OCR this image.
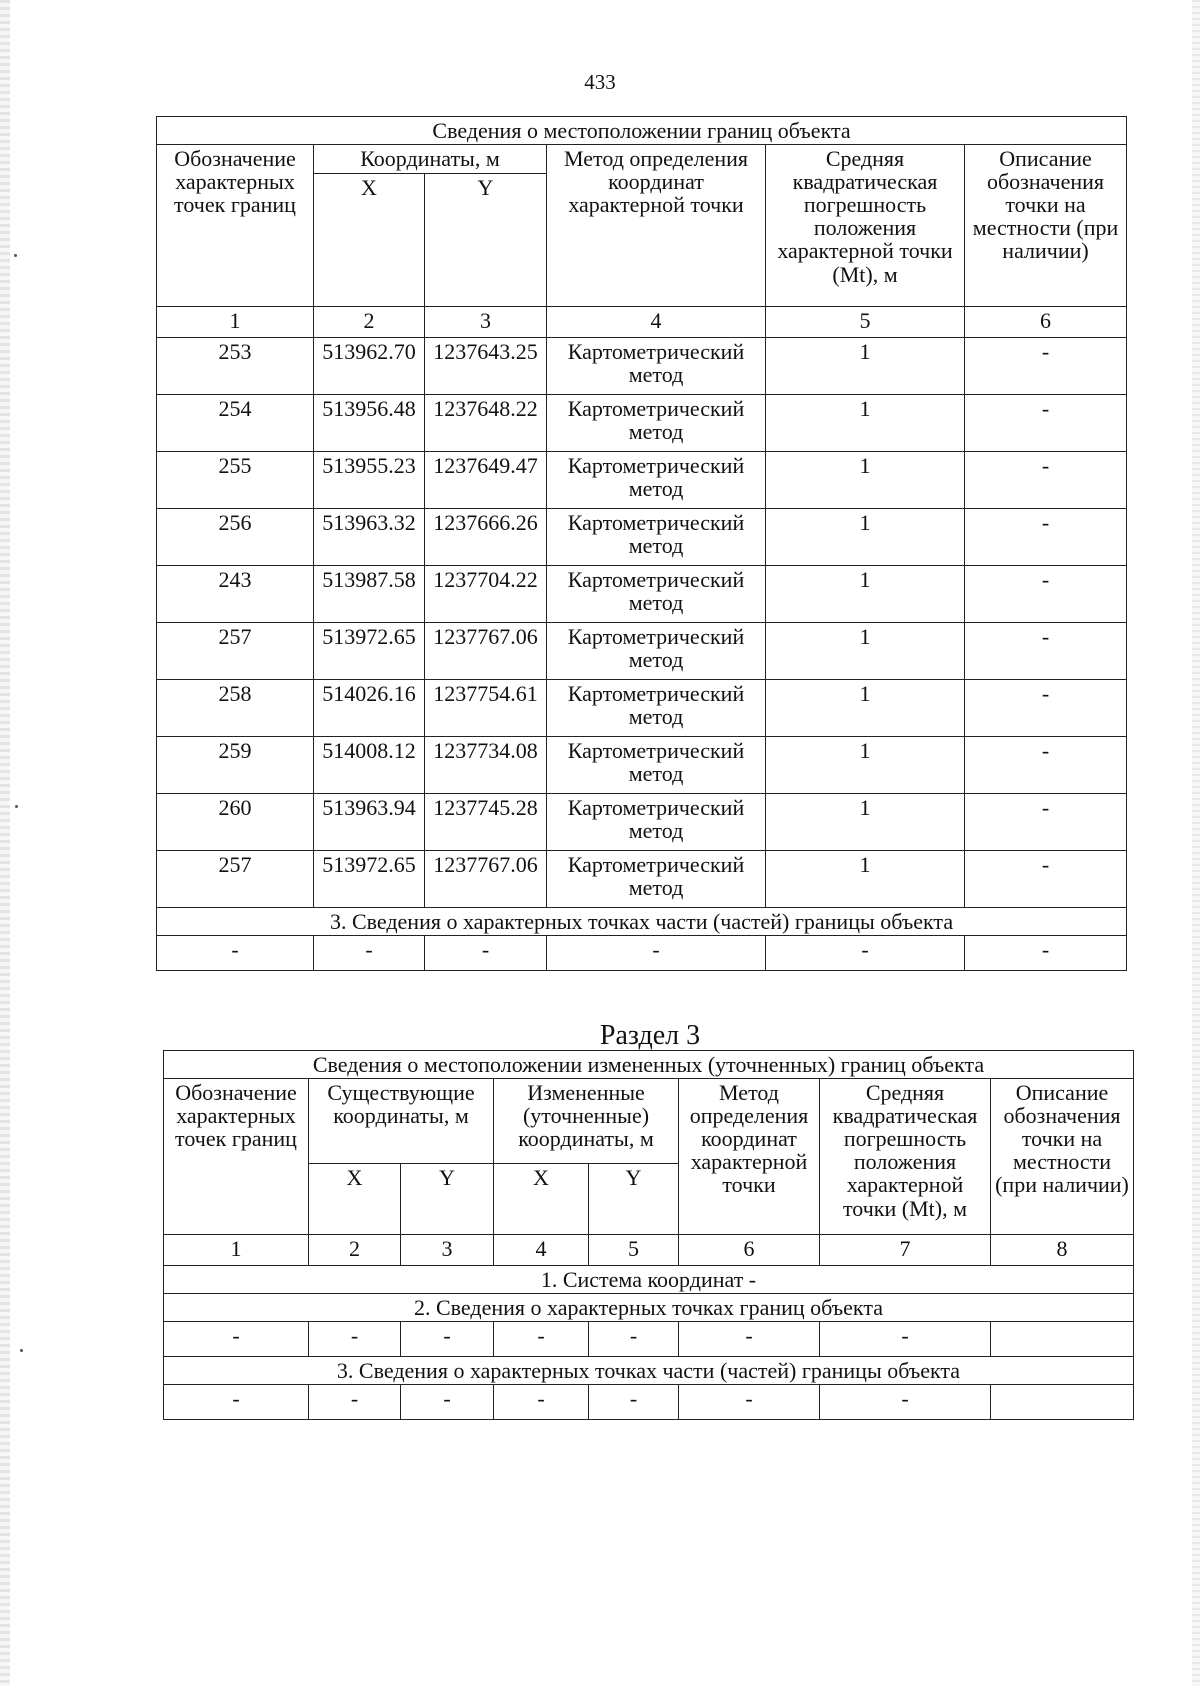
433
Сведения о местоположении границ объекта					
Обозначение характерных точек границ	Координаты, м		Метод определения координат характерной точки	Средняя квадратическая погрешность положения характерной точки (Mt), м	Описание обозначения точки на местности (при наличии)
	X	Y			
1	2	3	4	5	6
253	513962.70	1237643.25	Картометрический метод	1	-
254	513956.48	1237648.22	Картометрический метод	1	-
255	513955.23	1237649.47	Картометрический метод	1	-
256	513963.32	1237666.26	Картометрический метод	1	-
243	513987.58	1237704.22	Картометрический метод	1	-
257	513972.65	1237767.06	Картометрический метод	1	-
258	514026.16	1237754.61	Картометрический метод	1	-
259	514008.12	1237734.08	Картометрический метод	1	-
260	513963.94	1237745.28	Картометрический метод	1	-
257	513972.65	1237767.06	Картометрический метод	1	-
3. Сведения о характерных точках части (частей) границы объекта					
-	-	-	-	-	-
Раздел 3
Сведения о местоположении измененных (уточненных) границ объекта							
Обозначение характерных точек границ	Существующие координаты, м		Измененные (уточненные) координаты, м		Метод определения координат характерной точки	Средняя квадратическая погрешность положения характерной точки (Mt), м	Описание обозначения точки на местности (при наличии)
	X	Y	X	Y			
1	2	3	4	5	6	7	8
1. Система координат -							
2. Сведения о характерных точках границ объекта							
-	-	-	-	-	-	-	
3. Сведения о характерных точках части (частей) границы объекта							
-	-	-	-	-	-	-	
